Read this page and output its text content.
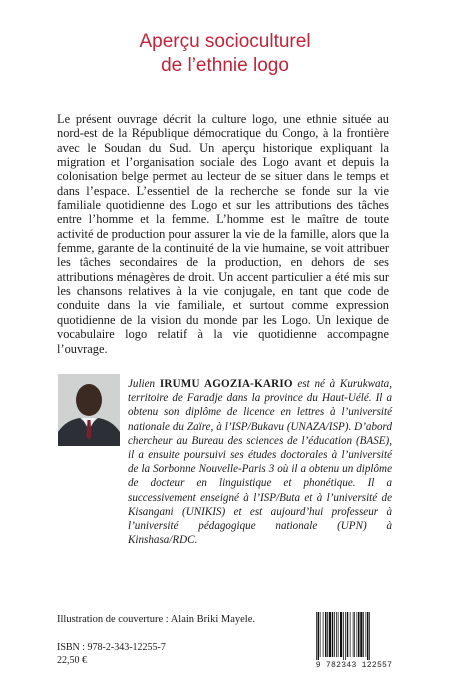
Aperçu socioculturel
de l’ethnie logo

Le présent ouvrage décrit la culture logo, une ethnie située au nord-est de la République démocratique du Congo, à la frontière avec le Soudan du Sud. Un aperçu historique expliquant la migration et l’organisation sociale des Logo avant et depuis la colonisation belge permet au lecteur de se situer dans le temps et dans l’espace. L’essentiel de la recherche se fonde sur la vie familiale quotidienne des Logo et sur les attributions des tâches entre l’homme et la femme. L’homme est le maître de toute activité de production pour assurer la vie de la famille, alors que la femme, garante de la continuité de la vie humaine, se voit attribuer les tâches secondaires de la production, en dehors de ses attributions ménagères de droit. Un accent particulier a été mis sur les chansons relatives à la vie conjugale, en tant que code de conduite dans la vie familiale, et surtout comme expression quotidienne de la vision du monde par les Logo. Un lexique de vocabulaire logo relatif à la vie quotidienne accompagne l’ouvrage.

Julien IRUMU AGOZIA-KARIO est né à Kurukwata, territoire de Faradje dans la province du Haut-Uélé. Il a obtenu son diplôme de licence en lettres à l’université nationale du Zaïre, à l’ISP/Bukavu (UNAZA/ISP). D’abord chercheur au Bureau des sciences de l’éducation (BASE), il a ensuite poursuivi ses études doctorales à l’université de la Sorbonne Nouvelle-Paris 3 où il a obtenu un diplôme de docteur en linguistique et phonétique. Il a successivement enseigné à l’ISP/Buta et à l’université de Kisangani (UNIKIS) et est aujourd’hui professeur à l’université pédagogique nationale (UPN) à Kinshasa/RDC.

Illustration de couverture : Alain Briki Mayele.
ISBN : 978-2-343-12255-7
22,50 €	9 782343 122557
